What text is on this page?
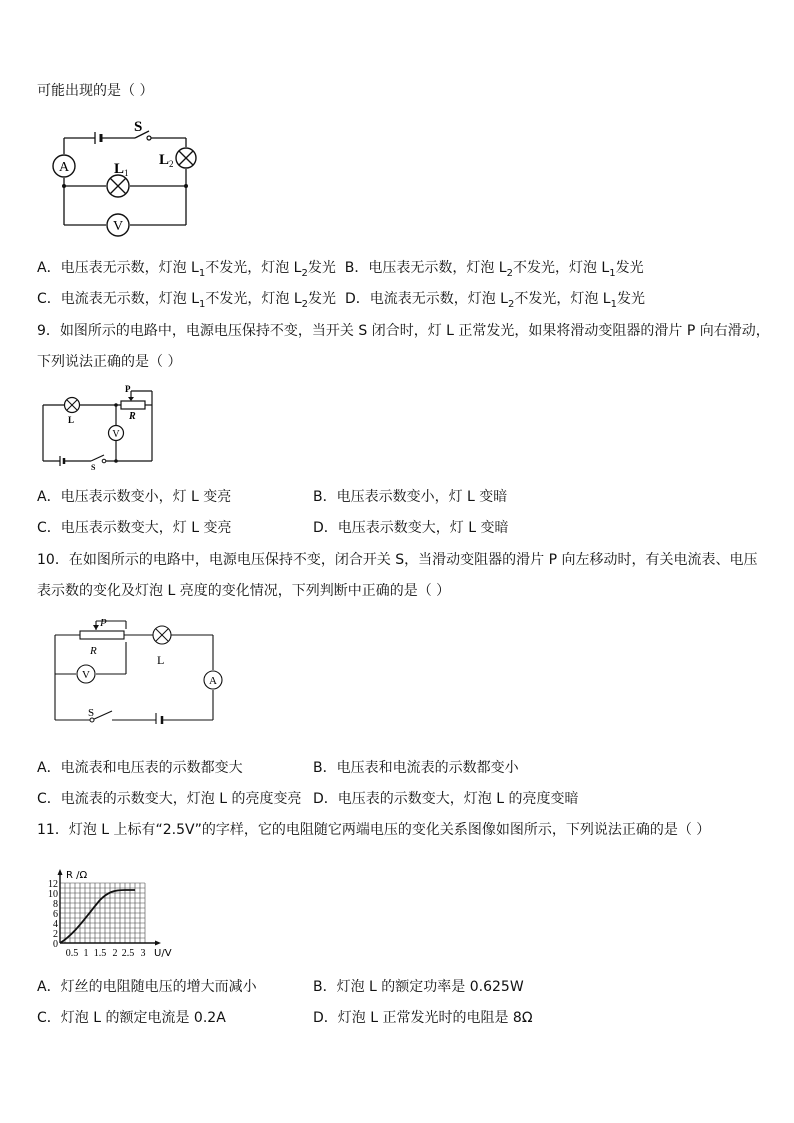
可能出现的是（ ）
A
V
S
L 1
L 2
A．电压表无示数，灯泡 $L_1$不发光，灯泡 $L_2$发光 B．电压表无示数，灯泡 $L_2$不发光，灯泡 $L_1$发光
C．电流表无示数，灯泡 $L_1$不发光，灯泡 $L_2$发光 D．电流表无示数，灯泡 $L_2$不发光，灯泡 $L_1$发光
9．如图所示的电路中，电源电压保持不变，当开关 S 闭合时，灯 L 正常发光，如果将滑动变阻器的滑片 P 向右滑动，
下列说法正确的是（ ）
V
P
R
L
S
A．电压表示数变小，灯 L 变亮	B．电压表示数变小，灯 L 变暗
C．电压表示数变大，灯 L 变亮	D．电压表示数变大，灯 L 变暗
10．在如图所示的电路中，电源电压保持不变，闭合开关 S，当滑动变阻器的滑片 P 向左移动时，有关电流表、电压
表示数的变化及灯泡 L 亮度的变化情况，下列判断中正确的是（ ）
V	A
P
R
L
S
A．电流表和电压表的示数都变大	B．电压表和电流表的示数都变小
C．电流表的示数变大，灯泡 L 的亮度变亮 D．电压表的示数变大，灯泡 L 的亮度变暗
11．灯泡 L 上标有“2.5V”的字样，它的电阻随它两端电压的变化关系图像如图所示，下列说法正确的是（ ）
12
10
8
6
4
2
0
0.5 1 1.5 2 2.5 3
R /Ω
U/V
A．灯丝的电阻随电压的增大而减小	B．灯泡 L 的额定功率是 0.625W
C．灯泡 L 的额定电流是 0.2A	D．灯泡 L 正常发光时的电阻是 8Ω
